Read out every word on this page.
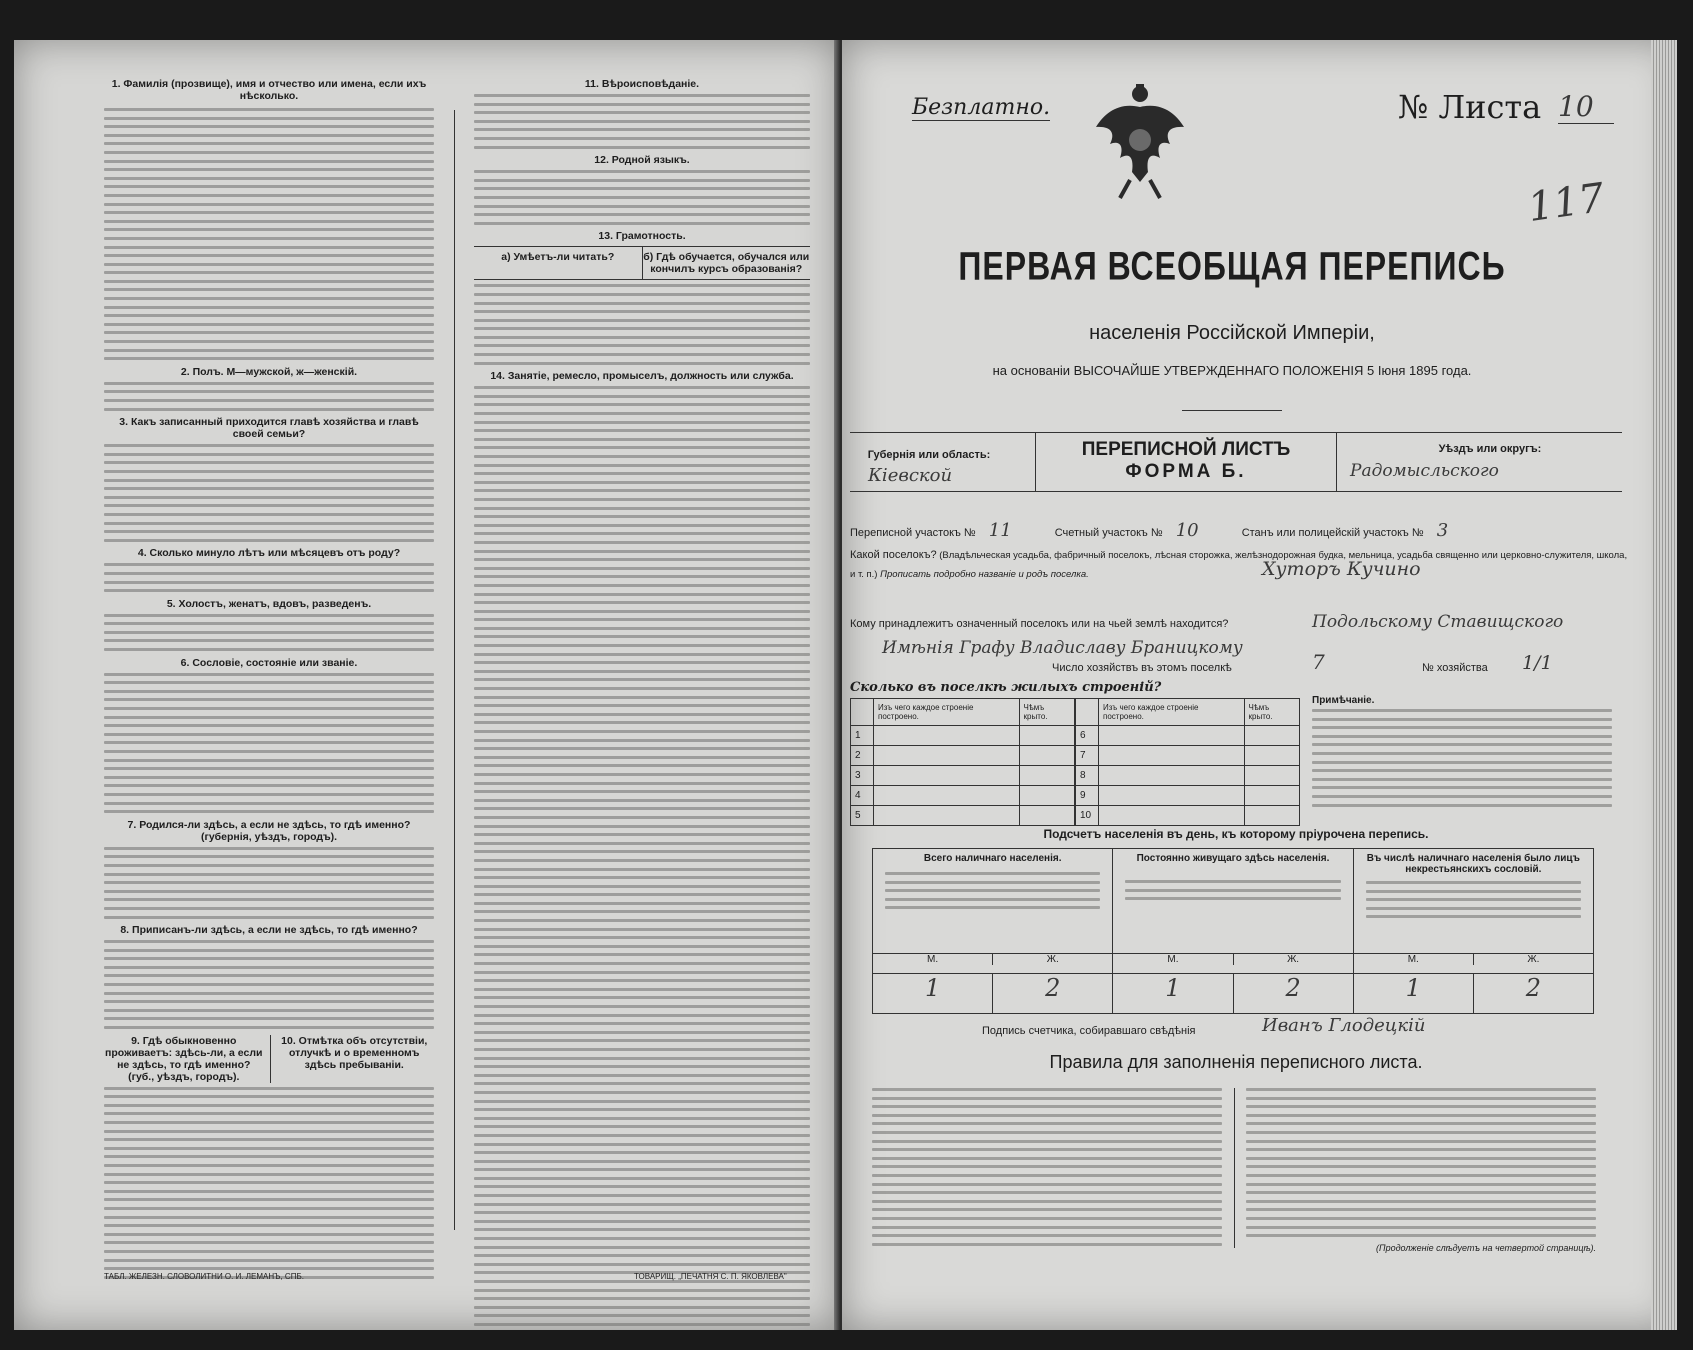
1. Фамилія (прозвище), имя и отчество или имена, если ихъ нѣсколько.

2. Полъ. М—мужской, ж—женскій.

3. Какъ записанный приходится главѣ хозяйства и главѣ своей семьи?

4. Сколько минуло лѣтъ или мѣсяцевъ отъ роду?

5. Холостъ, женатъ, вдовъ, разведенъ.

6. Сословіе, состояніе или званіе.

7. Родился-ли здѣсь, а если не здѣсь, то гдѣ именно? (губернія, уѣздъ, городъ).

8. Приписанъ-ли здѣсь, а если не здѣсь, то гдѣ именно?

9. Гдѣ обыкновенно проживаетъ: здѣсь-ли, а если не здѣсь, то гдѣ именно? (губ., уѣздъ, городъ).

10. Отмѣтка объ отсутствіи, отлучкѣ и о временномъ здѣсь пребываніи.

11. Вѣроисповѣданіе.

12. Родной языкъ.

13. Грамотность.

а) Умѣетъ-ли читать?	б) Гдѣ обучается, обучался или кончилъ курсъ образованія?

14. Занятіе, ремесло, промыселъ, должность или служба.

ТАБЛ. ЖЕЛЕЗН. СЛОВОЛИТНИ О. И. ЛЕМАНЪ, СПБ.	ТОВАРИЩ. „ПЕЧАТНЯ С. П. ЯКОВЛЕВА"
Безплатно.	№ Листа 10
117
ПЕРВАЯ ВСЕОБЩАЯ ПЕРЕПИСЬ
населенія Россійской Имперіи,
на основаніи ВЫСОЧАЙШЕ УТВЕРЖДЕННАГО ПОЛОЖЕНІЯ 5 Іюня 1895 года.
Губернія или область:
Кіевской
ПЕРЕПИСНОЙ ЛИСТЪ
ФОРМА Б.
Уѣздъ или округъ:
Радомысльского
Переписной участокъ № 11	Счетный участокъ № 10	Станъ или полицейскій участокъ № 3
Какой поселокъ? (Владѣльческая усадьба, фабричный поселокъ, лѣсная сторожка, желѣзнодорожная будка, мельница, усадьба священно или церковно-служителя, школа, и т. п.) Прописать подробно названіе и родъ поселка.	Хуторъ Кучино
Кому принадлежитъ означенный поселокъ или на чьей землѣ находится?	Подольскому Ставищского
Имѣнія Графу Владиславу Браницкому
Число хозяйствъ въ этомъ поселкѣ	7	№ хозяйства 1/1
Сколько въ поселкѣ жилыхъ строеній?
	Изъ чего каждое строеніе построено.	Чѣмъ крыто.
1		
2		
3		
4		
5		
	Изъ чего каждое строеніе построено.	Чѣмъ крыто.
6		
7		
8		
9		
10		
Примѣчаніе.
Подсчетъ населенія въ день, къ которому пріурочена перепись.
Всего наличнаго населенія.
М.	Ж.
1	2
Постоянно живущаго здѣсь населенія.
М.	Ж.
1	2
Въ числѣ наличнаго населенія было лицъ некрестьянскихъ сословій.
М.	Ж.
1	2
Подпись счетчика, собиравшаго свѣдѣнія	Иванъ Глодецкій
Правила для заполненія переписного листа.
(Продолженіе слѣдуетъ на четвертой страницѣ).
